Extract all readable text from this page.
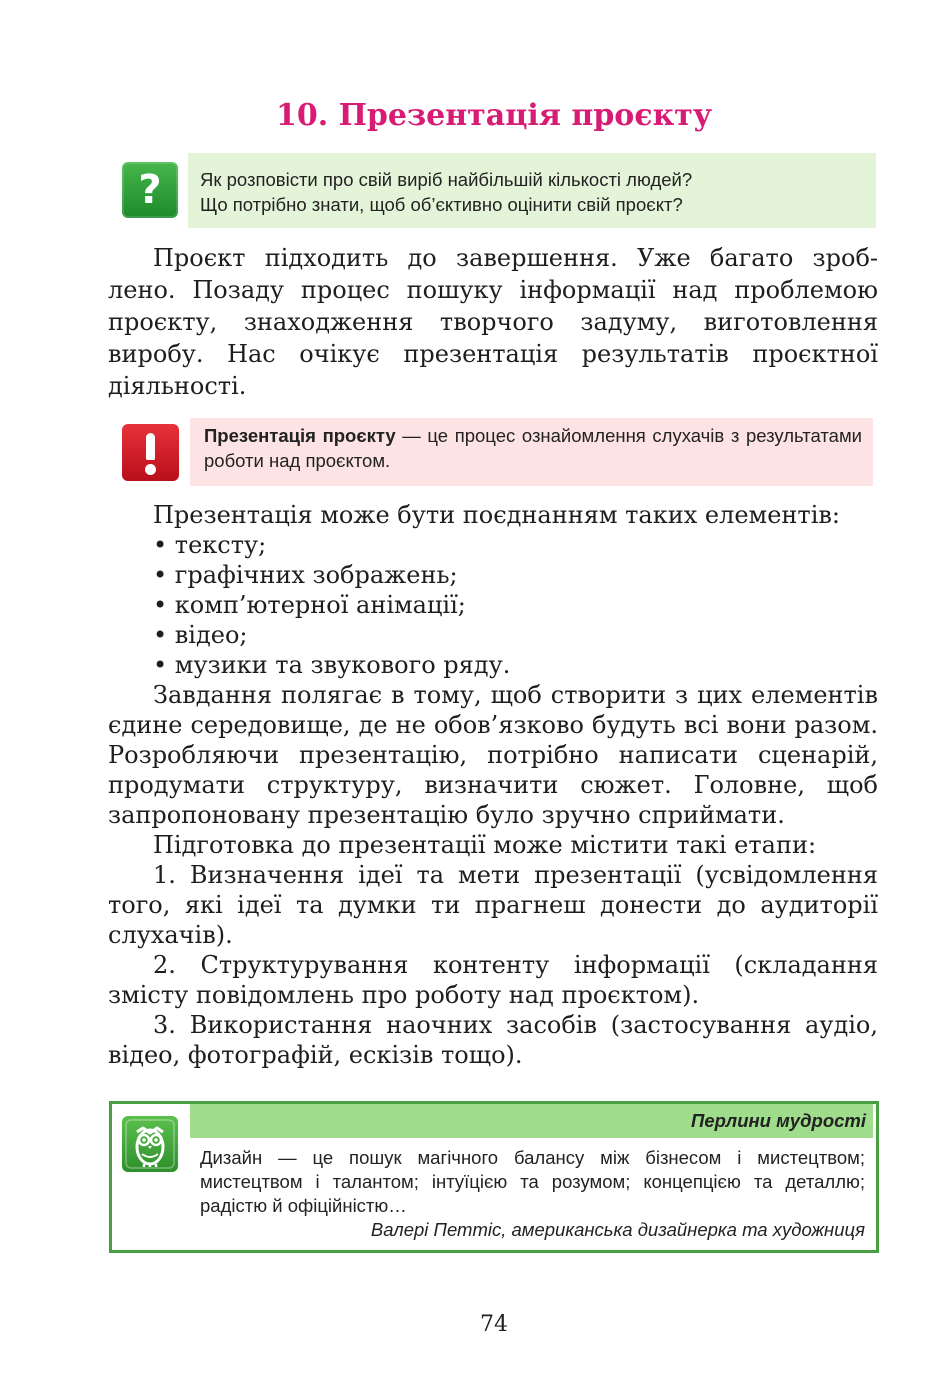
10. Презентація проєкту
?	Як розповісти про свій виріб найбільшій кількості людей?
Що потрібно знати, щоб об’єктивно оцінити свій проєкт?
Проєкт підходить до завершення. Уже багато зроб-
лено. Позаду процес пошуку інформації над проблемою
проєкту, знаходження творчого задуму, виготовлення
виробу. Нас очікує презентація результатів проєктної
діяльності.
Презентація проєкту — це процес ознайомлення слухачів з результатами роботи над проєктом.
Презентація може бути поєднанням таких елементів:
• тексту;
• графічних зображень;
• комп’ютерної анімації;
• відео;
• музики та звукового ряду.
Завдання полягає в тому, щоб створити з цих елементів
єдине середовище, де не обов’язково будуть всі вони разом.
Розробляючи презентацію, потрібно написати сценарій,
продумати структуру, визначити сюжет. Головне, щоб
запропоновану презентацію було зручно сприймати.
Підготовка до презентації може містити такі етапи:
1. Визначення ідеї та мети презентації (усвідомлення
того, які ідеї та думки ти прагнеш донести до аудиторії
слухачів).
2. Структурування контенту інформації (складання
змісту повідомлень про роботу над проєктом).
3. Використання наочних засобів (застосування аудіо,
відео, фотографій, ескізів тощо).
Перлини мудрості
Дизайн — це пошук магічного балансу між бізнесом і мистецтвом;
мистецтвом і талантом; інтуїцією та розумом; концепцією та деталлю;
радістю й офіційністю…
Валері Петтіс, американська дизайнерка та художниця
74
